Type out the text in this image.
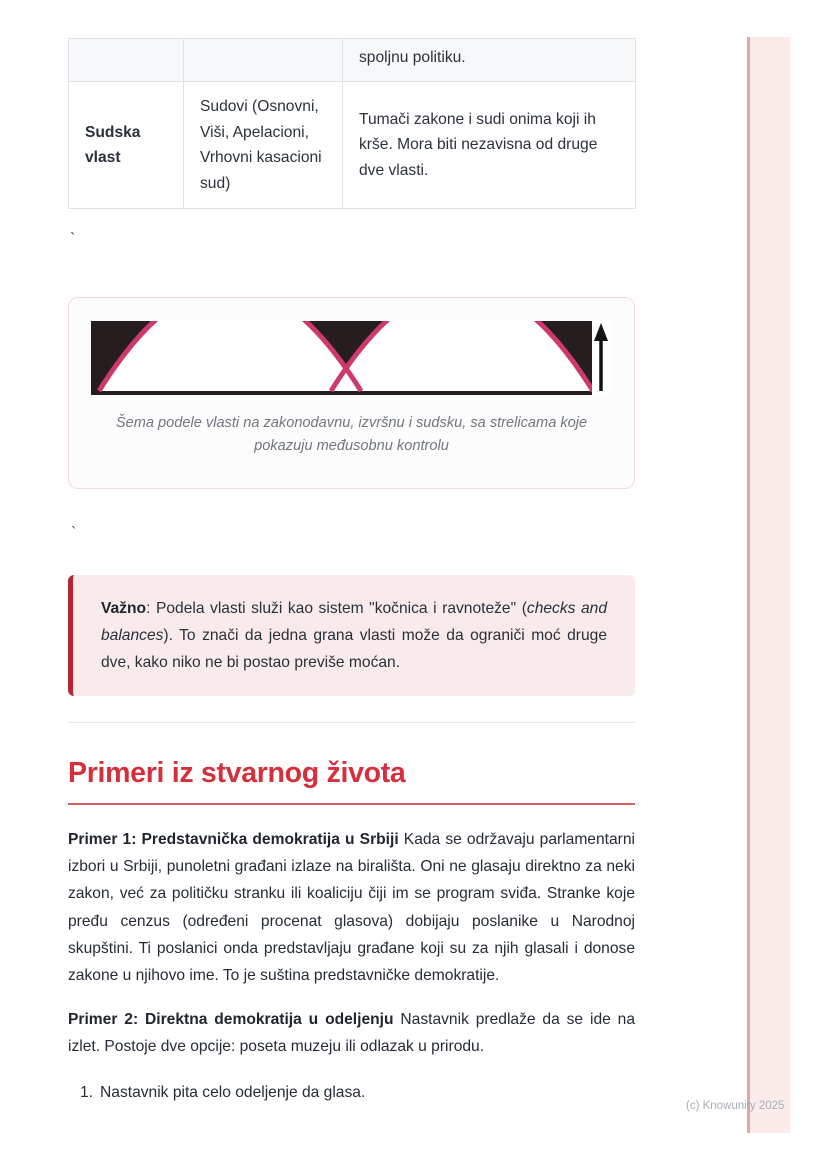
		spoljnu politiku.
Sudska vlast	Sudovi (Osnovni, Viši, Apelacioni, Vrhovni kasacioni sud)	Tumači zakone i sudi onima koji ih krše. Mora biti nezavisna od druge dve vlasti.
`
Šema podele vlasti na zakonodavnu, izvršnu i sudsku, sa strelicama koje pokazuju međusobnu kontrolu
`
Važno: Podela vlasti služi kao sistem "kočnica i ravnoteže" (checks and balances). To znači da jedna grana vlasti može da ograniči moć druge dve, kako niko ne bi postao previše moćan.
Primeri iz stvarnog života

Primer 1: Predstavnička demokratija u Srbiji Kada se održavaju parlamentarni izbori u Srbiji, punoletni građani izlaze na birališta. Oni ne glasaju direktno za neki zakon, već za političku stranku ili koaliciju čiji im se program sviđa. Stranke koje pređu cenzus (određeni procenat glasova) dobijaju poslanike u Narodnoj skupštini. Ti poslanici onda predstavljaju građane koji su za njih glasali i donose zakone u njihovo ime. To je suština predstavničke demokratije.

Primer 2: Direktna demokratija u odeljenju Nastavnik predlaže da se ide na izlet. Postoje dve opcije: poseta muzeju ili odlazak u prirodu.

1. Nastavnik pita celo odeljenje da glasa.
(c) Knowunity 2025
